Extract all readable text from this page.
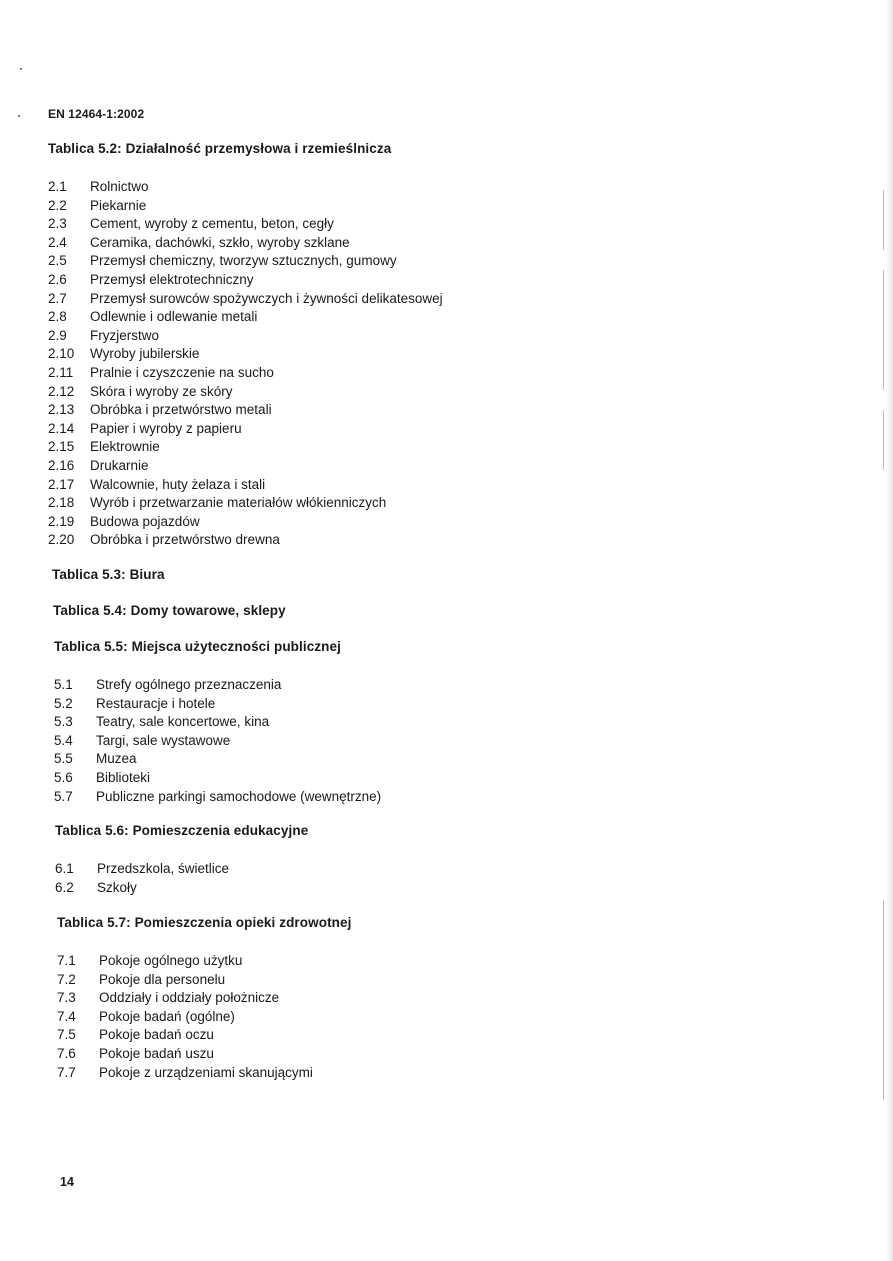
EN 12464-1:2002
Tablica 5.2: Działalność przemysłowa i rzemieślnicza
2.1	Rolnictwo
2.2	Piekarnie
2.3	Cement, wyroby z cementu, beton, cegły
2.4	Ceramika, dachówki, szkło, wyroby szklane
2.5	Przemysł chemiczny, tworzyw sztucznych, gumowy
2.6	Przemysł elektrotechniczny
2.7	Przemysł surowców spożywczych i żywności delikatesowej
2.8	Odlewnie i odlewanie metali
2.9	Fryzjerstwo
2.10	Wyroby jubilerskie
2.11	Pralnie i czyszczenie na sucho
2.12	Skóra i wyroby ze skóry
2.13	Obróbka i przetwórstwo metali
2.14	Papier i wyroby z papieru
2.15	Elektrownie
2.16	Drukarnie
2.17	Walcownie, huty żelaza i stali
2.18	Wyrób i przetwarzanie materiałów włókienniczych
2.19	Budowa pojazdów
2.20	Obróbka i przetwórstwo drewna
Tablica 5.3: Biura
Tablica 5.4: Domy towarowe, sklepy
Tablica 5.5: Miejsca użyteczności publicznej
5.1	Strefy ogólnego przeznaczenia
5.2	Restauracje i hotele
5.3	Teatry, sale koncertowe, kina
5.4	Targi, sale wystawowe
5.5	Muzea
5.6	Biblioteki
5.7	Publiczne parkingi samochodowe (wewnętrzne)
Tablica 5.6: Pomieszczenia edukacyjne
6.1	Przedszkola, świetlice
6.2	Szkoły
Tablica 5.7: Pomieszczenia opieki zdrowotnej
7.1	Pokoje ogólnego użytku
7.2	Pokoje dla personelu
7.3	Oddziały i oddziały położnicze
7.4	Pokoje badań (ogólne)
7.5	Pokoje badań oczu
7.6	Pokoje badań uszu
7.7	Pokoje z urządzeniami skanującymi
14
